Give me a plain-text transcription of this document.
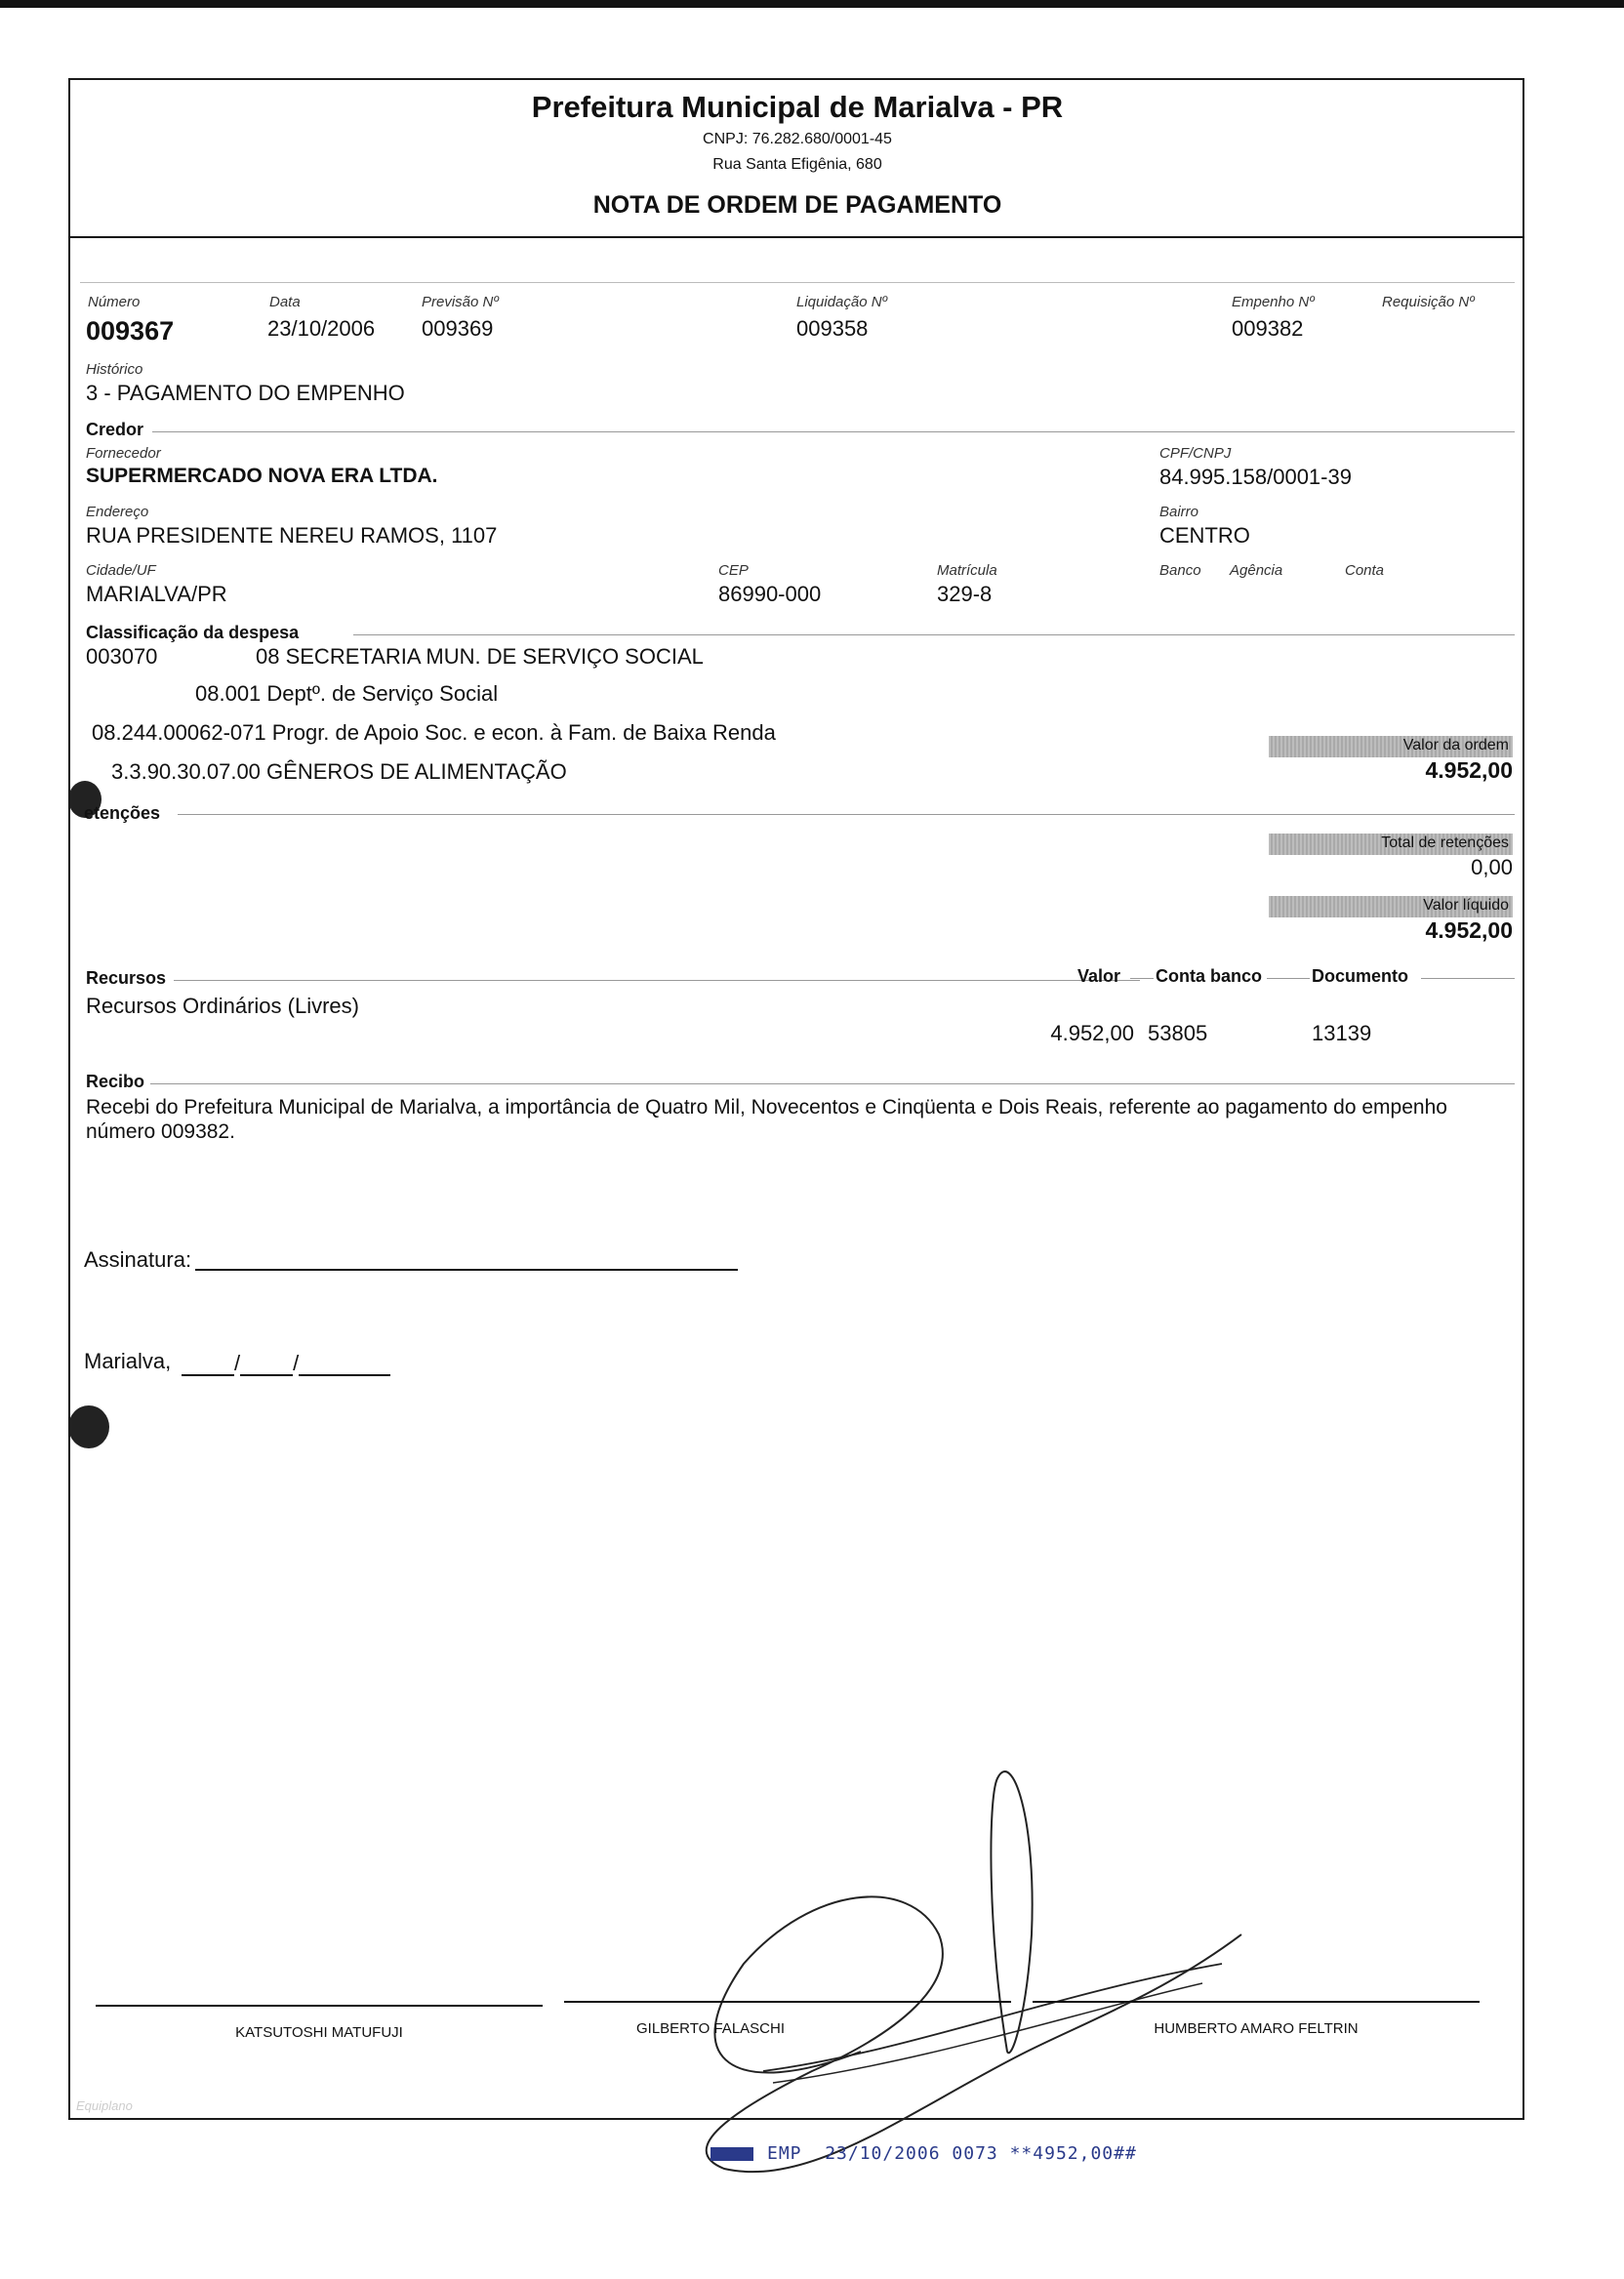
Prefeitura Municipal de Marialva - PR
CNPJ: 76.282.680/0001-45
Rua Santa Efigênia, 680
NOTA DE ORDEM DE PAGAMENTO
Número
009367
Data
23/10/2006
Previsão Nº
009369
Liquidação Nº
009358
Empenho Nº
009382
Requisição Nº
Histórico
3 - PAGAMENTO DO EMPENHO
Credor
Fornecedor
SUPERMERCADO NOVA ERA LTDA.
CPF/CNPJ
84.995.158/0001-39
Endereço
RUA PRESIDENTE NEREU RAMOS, 1107
Bairro
CENTRO
Cidade/UF
MARIALVA/PR
CEP
86990-000
Matrícula
329-8
Banco Agência	Conta
Classificação da despesa
003070	08 SECRETARIA MUN. DE SERVIÇO SOCIAL
08.001 Deptº. de Serviço Social
08.244.00062-071 Progr. de Apoio Soc. e econ. à Fam. de Baixa Renda
3.3.90.30.07.00 GÊNEROS DE ALIMENTAÇÃO
Valor da ordem
4.952,00
etenções
Total de retenções
0,00
Valor líquido
4.952,00
Recursos	Valor Conta banco	Documento
Recursos Ordinários (Livres)
4.952,00 53805	13139
Recibo
Recebi do Prefeitura Municipal de Marialva, a importância de Quatro Mil, Novecentos e Cinqüenta e Dois Reais, referente ao pagamento do empenho número 009382.
Assinatura:
Marialva,	/ /
KATSUTOSHI MATUFUJI	GILBERTO FALASCHI	HUMBERTO AMARO FELTRIN
Equiplano
EMP 23/10/2006 0073 **4952,00##
